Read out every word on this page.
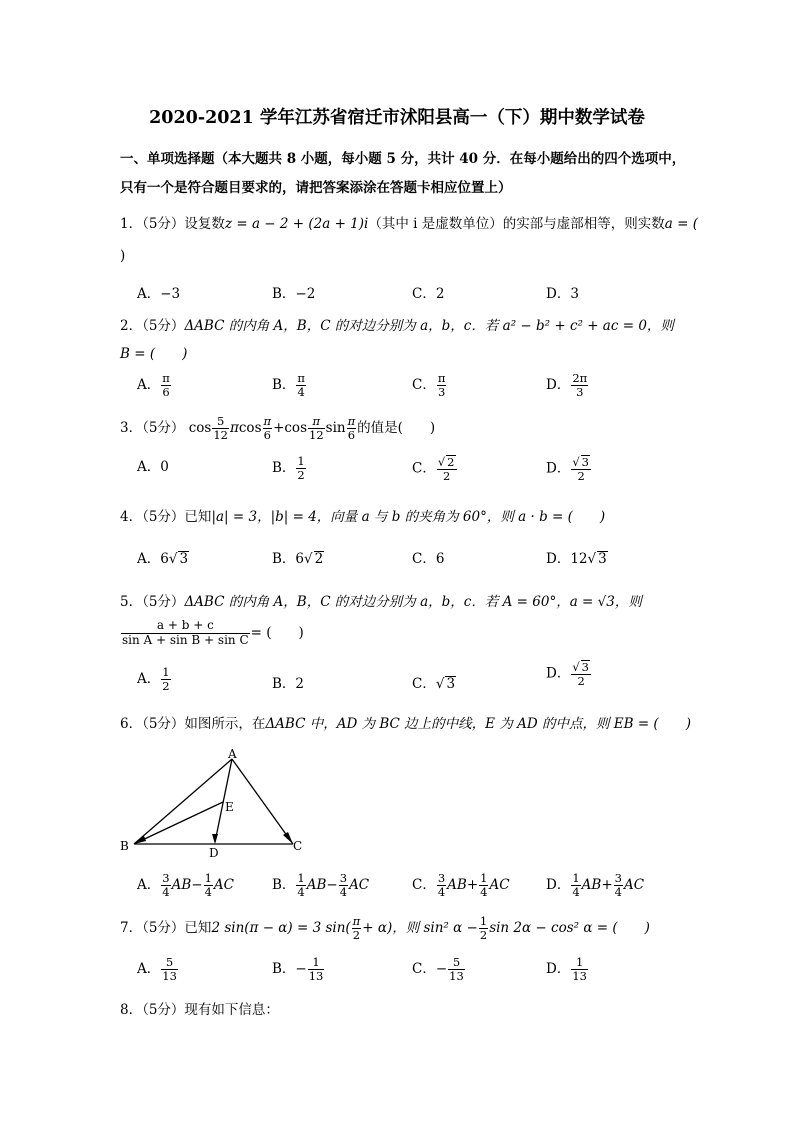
2020-2021 学年江苏省宿迁市沭阳县高一（下）期中数学试卷
一、单项选择题（本大题共 8 小题，每小题 5 分，共计 40 分．在每小题给出的四个选项中，
只有一个是符合题目要求的，请把答案添涂在答题卡相应位置上）
1．（5分）设复数z = a − 2 + (2a + 1)i（其中 i 是虚数单位）的实部与虚部相等，则实数a = (
)
A．−3	B．−2	C．2	D．3
2．（5分）ΔABC 的内角 A，B，C 的对边分别为 a，b，c．若 a² − b² + c² + ac = 0，则
B = (　　)
A． $\frac{\pi}{6}$	B． $\frac{\pi}{4}$	C． $\frac{\pi}{3}$	D． $\frac{2\pi}{3}$
3．（5分） $\cos \frac{5}{12}$ πcos $\frac{\pi}{6} +\cos \frac{\pi}{12}$ $\sin \frac{\pi}{6}$ 的值是(　　)
A．0	B． $\frac{1}{2}$	C． $\frac{√ 2}{2}$	D． $\frac{√ 3}{2}$
4．（5分）已知|a| = 3，|b| = 4，向量 a 与 b 的夹角为 60°，则 a · b = (　　)
A．6√ 3	B．6√ 2	C．6	D．12√ 3
5．（5分）ΔABC 的内角 A，B，C 的对边分别为 a，b，c．若 A = 60°，a = √3，则
$\frac{a + b + c}{\text{sin A + sin B + sin C}}$ = (　　)
A． $\frac{1}{2}$	B．2	C．√ 3
D． $\frac{√ 3}{2}$
6．（5分）如图所示，在ΔABC 中，AD 为 BC 边上的中线，E 为 AD 的中点，则 EB = (　　)
A
B	C
D
E
A． $\frac{3}{4} AB- \frac{1}{4}$ AC	B． $\frac{1}{4} AB- \frac{3}{4}$ AC	C． $\frac{3}{4} AB+ \frac{1}{4}$ AC	D． $\frac{1}{4} AB+ \frac{3}{4}$ AC
7．（5分）已知2 sin(π − α) = 3 $\sin( \frac{\pi}{2} + \alpha)$，则 sin² $\alpha - \frac{1}{2}$ sin 2α − cos² α = (　　)
A． $\frac{5}{13}$	B．− $\frac{1}{13}$	C．− $\frac{5}{13}$	D． $\frac{1}{13}$
8．（5分）现有如下信息：
